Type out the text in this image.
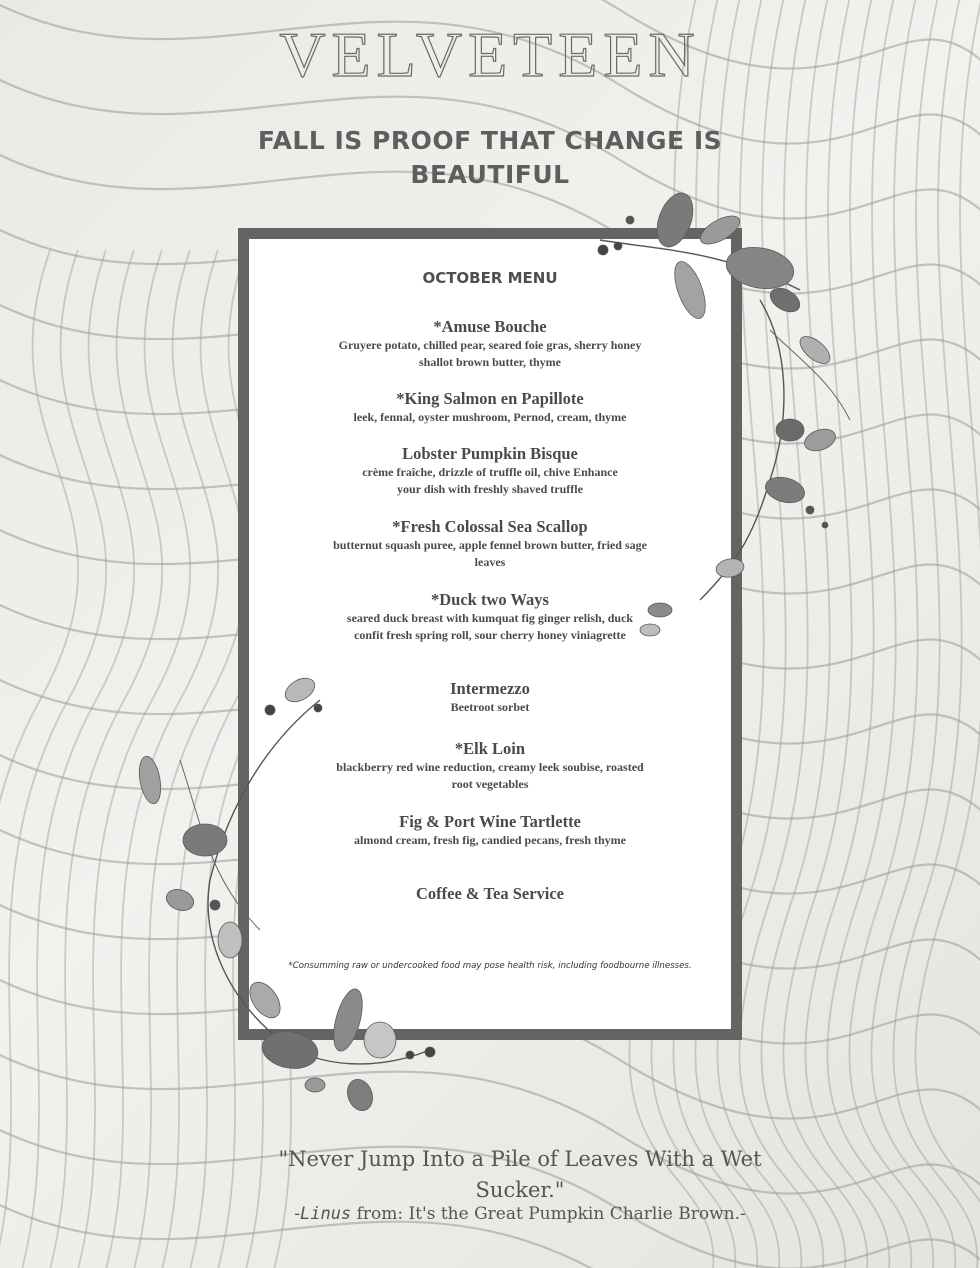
VELVETEEN
FALL IS PROOF THAT CHANGE IS BEAUTIFUL
OCTOBER MENU
*Amuse Bouche
Gruyere potato, chilled pear, seared foie gras, sherry honey shallot brown butter, thyme
*King Salmon en Papillote
leek, fennal, oyster mushroom, Pernod, cream, thyme
Lobster Pumpkin Bisque
crème fraîche, drizzle of truffle oil, chive Enhance your dish with freshly shaved truffle
*Fresh Colossal Sea Scallop
butternut squash puree, apple fennel brown butter, fried sage leaves
*Duck two Ways
seared duck breast with kumquat fig ginger relish, duck confit fresh spring roll, sour cherry honey viniagrette
Intermezzo
Beetroot sorbet
*Elk Loin
blackberry red wine reduction, creamy leek soubise, roasted root vegetables
Fig & Port Wine Tartlette
almond cream, fresh fig, candied pecans, fresh thyme
Coffee & Tea Service
*Consumming raw or undercooked food may pose health risk, including foodbourne illnesses.
"Never Jump Into a Pile of Leaves With a Wet Sucker."
-Linus from: It's the Great Pumpkin Charlie Brown.-
